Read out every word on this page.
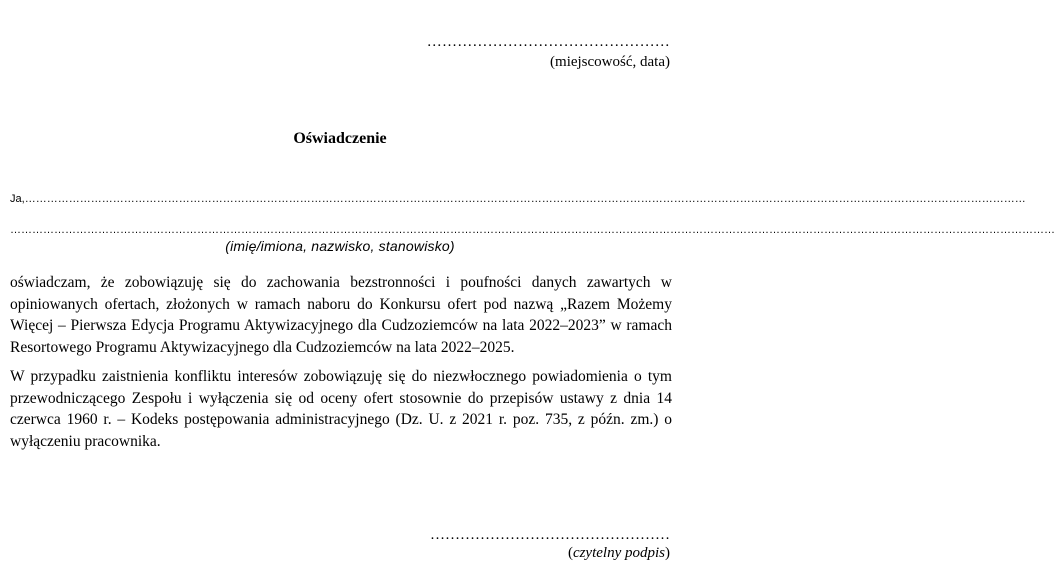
…………………………………………
(miejscowość, data)
Oświadczenie
Ja,…………………………………………………………………………………………………………………………………………………………………………………………………………………………………………………
……………………………………………………………………………………………………………………………………………………………………………………………………………………………………………………………
(imię/imiona, nazwisko, stanowisko)
oświadczam, że zobowiązuję się do zachowania bezstronności i poufności danych zawartych w opiniowanych ofertach, złożonych w ramach naboru do Konkursu ofert pod nazwą „Razem Możemy Więcej – Pierwsza Edycja Programu Aktywizacyjnego dla Cudzoziemców na lata 2022–2023” w ramach Resortowego Programu Aktywizacyjnego dla Cudzoziemców na lata 2022–2025.
W przypadku zaistnienia konfliktu interesów zobowiązuję się do niezwłocznego powiadomienia o tym przewodniczącego Zespołu i wyłączenia się od oceny ofert stosownie do przepisów ustawy z dnia 14 czerwca 1960 r. – Kodeks postępowania administracyjnego (Dz. U. z 2021 r. poz. 735, z późn. zm.) o wyłączeniu pracownika.
…………………………………………
(czytelny podpis)
